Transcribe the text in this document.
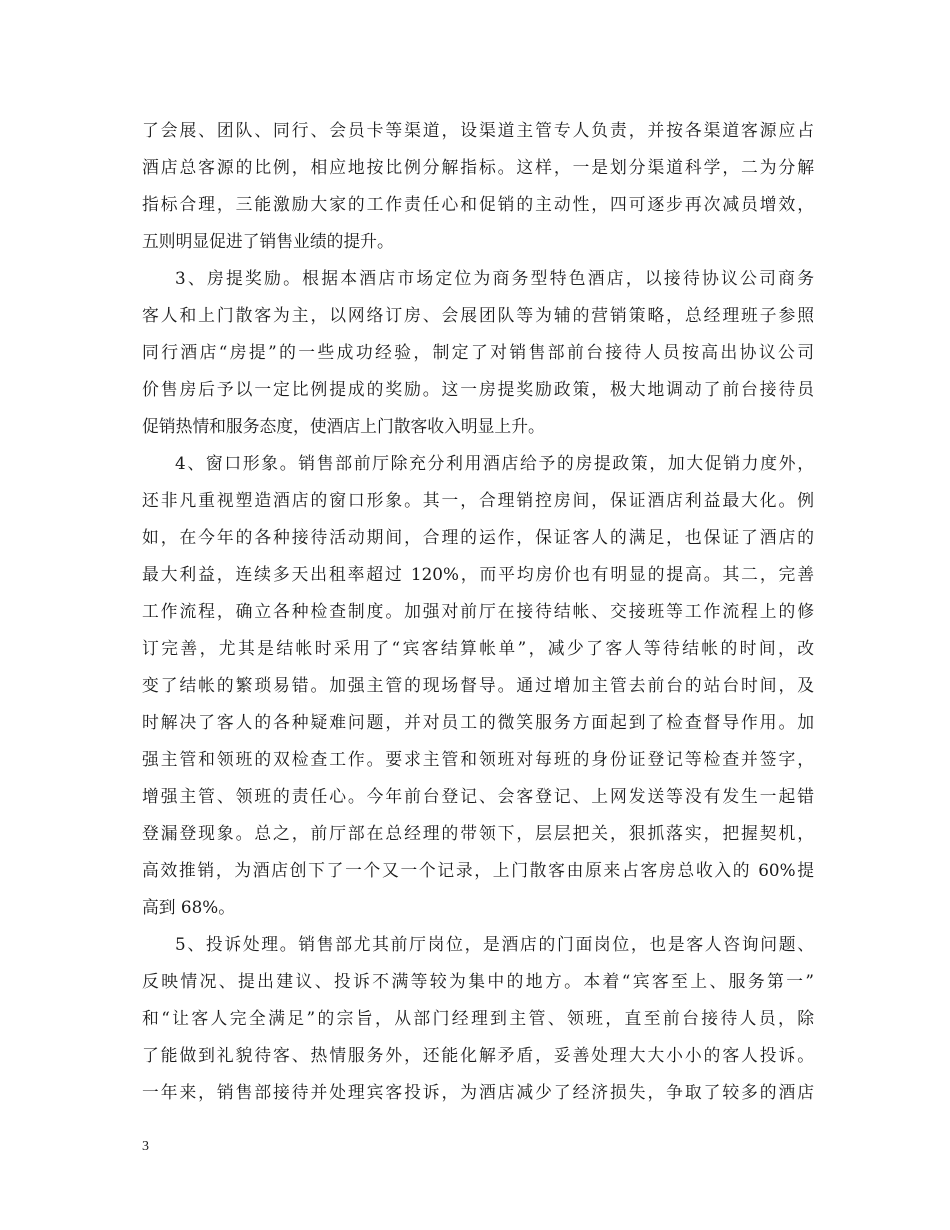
了会展、团队、同行、会员卡等渠道，设渠道主管专人负责，并按各渠道客源应占
酒店总客源的比例，相应地按比例分解指标。这样，一是划分渠道科学，二为分解
指标合理，三能激励大家的工作责任心和促销的主动性，四可逐步再次减员增效，
五则明显促进了销售业绩的提升。
3、房提奖励。根据本酒店市场定位为商务型特色酒店，以接待协议公司商务
客人和上门散客为主，以网络订房、会展团队等为辅的营销策略，总经理班子参照
同行酒店“房提”的一些成功经验，制定了对销售部前台接待人员按高出协议公司
价售房后予以一定比例提成的奖励。这一房提奖励政策，极大地调动了前台接待员
促销热情和服务态度，使酒店上门散客收入明显上升。
4、窗口形象。销售部前厅除充分利用酒店给予的房提政策，加大促销力度外，
还非凡重视塑造酒店的窗口形象。其一，合理销控房间，保证酒店利益最大化。例
如，在今年的各种接待活动期间，合理的运作，保证客人的满足，也保证了酒店的
最大利益，连续多天出租率超过 120%，而平均房价也有明显的提高。其二，完善
工作流程，确立各种检查制度。加强对前厅在接待结帐、交接班等工作流程上的修
订完善，尤其是结帐时采用了“宾客结算帐单”，减少了客人等待结帐的时间，改
变了结帐的繁琐易错。加强主管的现场督导。通过增加主管去前台的站台时间，及
时解决了客人的各种疑难问题，并对员工的微笑服务方面起到了检查督导作用。加
强主管和领班的双检查工作。要求主管和领班对每班的身份证登记等检查并签字，
增强主管、领班的责任心。今年前台登记、会客登记、上网发送等没有发生一起错
登漏登现象。总之，前厅部在总经理的带领下，层层把关，狠抓落实，把握契机，
高效推销，为酒店创下了一个又一个记录，上门散客由原来占客房总收入的 60%提
高到 68%。
5、投诉处理。销售部尤其前厅岗位，是酒店的门面岗位，也是客人咨询问题、
反映情况、提出建议、投诉不满等较为集中的地方。本着“宾客至上、服务第一”
和“让客人完全满足”的宗旨，从部门经理到主管、领班，直至前台接待人员，除
了能做到礼貌待客、热情服务外，还能化解矛盾，妥善处理大大小小的客人投诉。
一年来，销售部接待并处理宾客投诉，为酒店减少了经济损失，争取了较多的酒店
3
